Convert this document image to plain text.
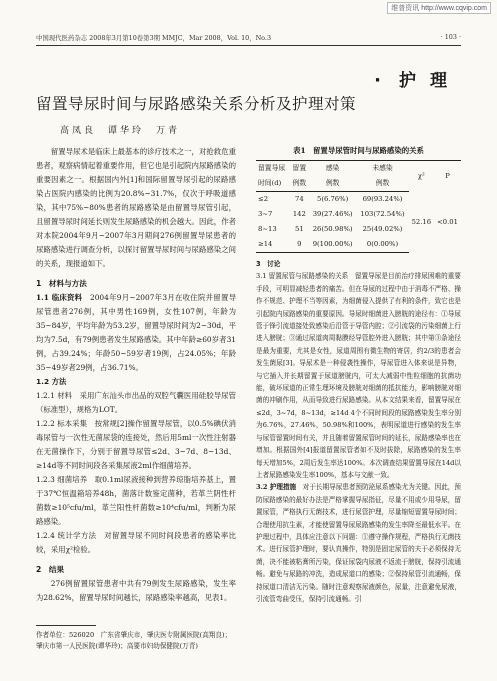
维普资讯 http://www.cqvip.com
中国现代医药杂志 2008年3月第10卷第3期 MMJC，Mar 2008，Vol. 10，No.3	· 103 ·
· 护理
留置导尿时间与尿路感染关系分析及护理对策
高凤良　谭华玲　万青

留置导尿术是临床上最基本的诊疗技术之一，对抢救危重患者，观察病情起着重要作用，但它也是引起院内尿路感染的重要因素之一。根据国内外[1]和国际留置导尿引起的尿路感染占医院内感染的比例为20.8%~31.7%，仅次于呼吸道感染，其中75%~80%患者的尿路感染是由留置导尿管引起，且留置导尿时间延长则发生尿路感染的机会越大。因此，作者对本院2004年9月~2007年3月期间276例留置导尿患者的尿路感染进行调查分析，以探讨留置导尿时间与尿路感染之间的关系，现报道如下。

1　材料与方法

1.1 临床资料　 2004年9月~2007年3月在收住院并留置导尿管患者276例，其中男性169例，女性107例，年龄为35~84岁，平均年龄为53.2岁，留置导尿时间为2~30d，平均为7.5d，有79例患者发生尿路感染。其中年龄≥60岁者31例，占39.24%；年龄50~59岁者19例，占24.05%；年龄35~49岁者29例，占36.71%。

1.2 方法

1.2.1 材料　采用广东汕头市出品的双腔气囊医用硅胶导尿管（标准型），规格为LOT。

1.2.2 标本采集　按常规[2]操作留置导尿管，以0.5%碘伏消毒尿管与一次性无菌尿袋的连接处，然后用5ml一次性注射器在无菌操作下，分别于留置导尿管≤2d、3~7d、8~13d、≥14d等不同时间段各采集尿液2ml作细菌培养。

1.2.3 细菌培养　取0.1ml尿液接种到营养琼脂培养基上，置于37℃恒温箱培养48h，菌落计数鉴定菌种，若革兰阴性杆菌数≥10⁵cfu/ml，革兰阳性杆菌数≥10⁴cfu/ml，判断为尿路感染。

1.2.4 统计学方法　对留置导尿不同时间段患者的感染率比较，采用χ²检验。

2　结果

276例留置尿管患者中共有79例发生尿路感染，发生率为28.62%，留置导尿时间越长，尿路感染率越高，见表1。

表1　留置导尿管时间与尿路感染的关系
留置导尿	留置	感染	未感染	χ²	P
时间(d)	例数	例数	例数		
≤2	74	5(6.76%)	69(93.24%)	52.16	<0.01
3~7	142	39(27.46%)	103(72.54%)		
8~13	51	26(50.98%)	25(49.02%)		
≥14	9	9(100.00%)	0(0.00%)		
3　讨论

3.1 留置尿管与尿路感染的关系　留置导尿是目前治疗排尿困难的重要手段，可明显减轻患者的痛苦。但在导尿的过程中由于消毒不严格、操作不规范、护理不当等因素，为细菌侵入提供了有利的条件，致它也是引起院内尿路感染的重要原因。导尿时细菌进入膀胱的途径有：①导尿管于锋引流道接处致感染后沿管于导管内腔；②引流袋的污染细菌上行进入膀胱；③通过尿道肉周黏膜经导管腔外进入膀胱；其中第③条途径是最为重要，尤其是女性，尿道周围有微生物的寄居，约2/3的患者会发生菌尿[3]。导尿术是一种侵袭性操作，导尿管进入体来说是异物，与它插入并长期留置于尿道膀胱内，可太大减弱中性粒细胞的抗菌功能，破坏尿道的正常生理环境及膀胱对细菌的抵抗能力，影响膀胱对细菌的冲刷作用，从而导致进行尿路感染。从本文结果来看，留置导尿在≤2d，3~7d，8~13d，≥14d 4个不同时间段的尿路感染发生率分别为6.76%，27.46%，50.98%和100%，表明尿道进行感染的发生率与尿管留置时间有关，并且随着留置尿管时间的延长，尿路感染率也在增加。根据国外[4]报道留置尿管者如不及时拔除，尿路感染的发生率每天增加5%，2周后发生率达100%。本次调查结果留置导尿在14d以上者尿路感染发生率100%，基本与文献一致。

3.2 护理措施　 对于长期导尿患者预防泌尿系感染尤为关键。因此，预防尿路感染的最好办法是严格掌握导尿指征，尽量不用或少用导尿，留置尿管，严格执行无菌技术，进行尿管护理，尽量缩短留置导尿时间；合理使用抗生素，才能使留置导尿尿路感染的发生率降至最低水平。在护理过程中，具体应注意以下问题：①遵守操作规程，严格执行无菌技术。进行尿管护理时，要认真操作，特别是固定尿管的夫于必须保持无菌，决不能被粘膏所污染，保证尿袋内尿液不返流于膀胱，保持引流通畅。避免与尿路的冲洗，造成尿道口的感染；②保持尿管引流通畅，保持尿道口清洁无污染。随时注意观察尿液颜色，尿量，注意避免尿液，引流管弯曲受压，保持引流通畅。引

作者单位：526020　广东省肇庆市，肇庆医专附属医院(高翔良)；肇庆市第一人民医院(谭华玲)；高要市妇幼保健院(万青)
